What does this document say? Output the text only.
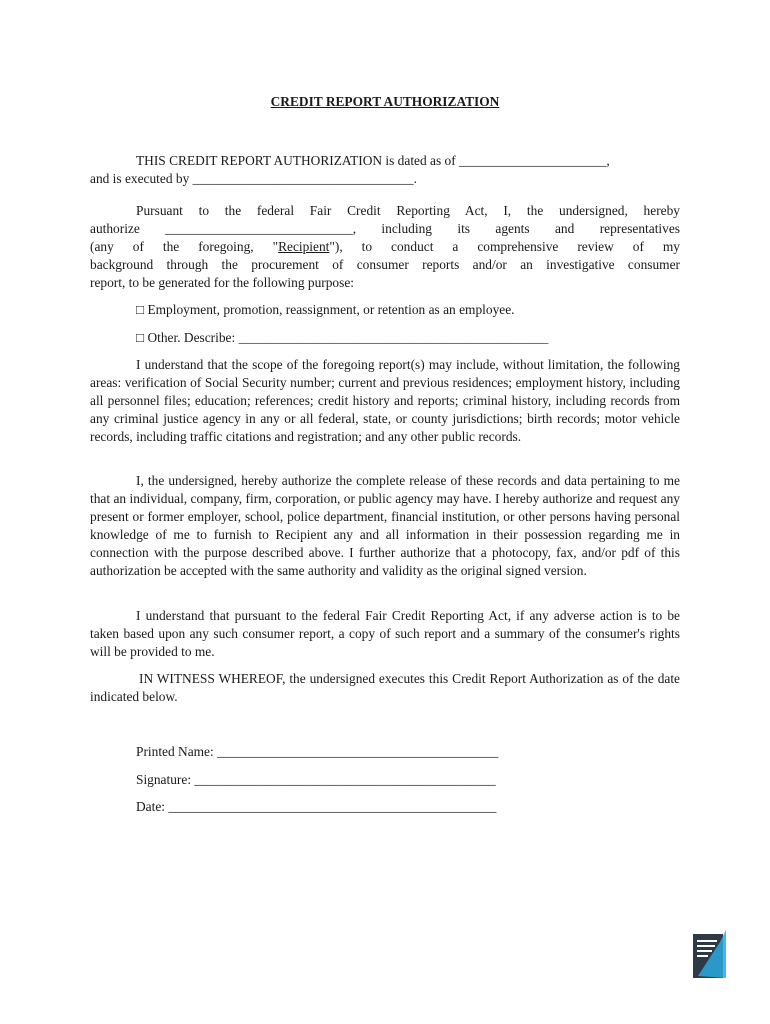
CREDIT REPORT AUTHORIZATION
THIS CREDIT REPORT AUTHORIZATION is dated as of ______________________,
and is executed by _________________________________.
Pursuant to the federal Fair Credit Reporting Act, I, the undersigned, hereby
authorize ____________________________, including its agents and representatives
(any of the foregoing, "Recipient"), to conduct a comprehensive review of my
background through the procurement of consumer reports and/or an investigative consumer
report, to be generated for the following purpose:
□ Employment, promotion, reassignment, or retention as an employee.
□ Other. Describe: __________________________________________________

I understand that the scope of the foregoing report(s) may include, without limitation, the following areas: verification of Social Security number; current and previous residences; employment history, including all personnel files; education; references; credit history and reports; criminal history, including records from any criminal justice agency in any or all federal, state, or county jurisdictions; birth records; motor vehicle records, including traffic citations and registration; and any other public records.

I, the undersigned, hereby authorize the complete release of these records and data pertaining to me that an individual, company, firm, corporation, or public agency may have. I hereby authorize and request any present or former employer, school, police department, financial institution, or other persons having personal knowledge of me to furnish to Recipient any and all information in their possession regarding me in connection with the purpose described above. I further authorize that a photocopy, fax, and/or pdf of this authorization be accepted with the same authority and validity as the original signed version.

I understand that pursuant to the federal Fair Credit Reporting Act, if any adverse action is to be taken based upon any such consumer report, a copy of such report and a summary of the consumer's rights will be provided to me.

IN WITNESS WHEREOF, the undersigned executes this Credit Report Authorization as of the date indicated below.

Printed Name: __________________________________________
Signature: _____________________________________________
Date: _________________________________________________
